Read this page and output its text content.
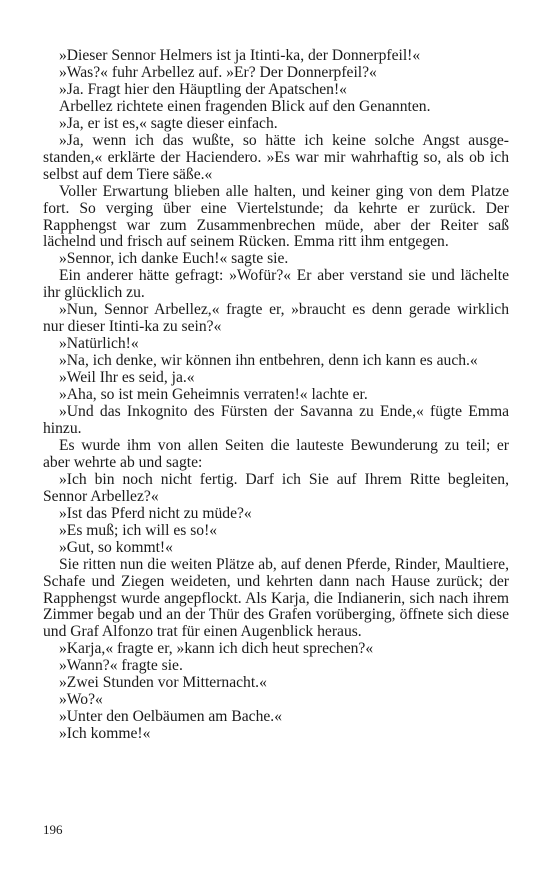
»Dieser Sennor Helmers ist ja Itinti-ka, der Donnerpfeil!«

»Was?« fuhr Arbellez auf. »Er? Der Donnerpfeil?«

»Ja. Fragt hier den Häuptling der Apatschen!«

Arbellez richtete einen fragenden Blick auf den Genannten.

»Ja, er ist es,« sagte dieser einfach.

»Ja, wenn ich das wußte, so hätte ich keine solche Angst ausgestanden,« erklärte der Haciendero. »Es war mir wahrhaftig so, als ob ich selbst auf dem Tiere säße.«

Voller Erwartung blieben alle halten, und keiner ging von dem Platze fort. So verging über eine Viertelstunde; da kehrte er zurück. Der Rapphengst war zum Zusammenbrechen müde, aber der Reiter saß lächelnd und frisch auf seinem Rücken. Emma ritt ihm entgegen.

»Sennor, ich danke Euch!« sagte sie.

Ein anderer hätte gefragt: »Wofür?« Er aber verstand sie und lächelte ihr glücklich zu.

»Nun, Sennor Arbellez,« fragte er, »braucht es denn gerade wirklich nur dieser Itinti-ka zu sein?«

»Natürlich!«

»Na, ich denke, wir können ihn entbehren, denn ich kann es auch.«

»Weil Ihr es seid, ja.«

»Aha, so ist mein Geheimnis verraten!« lachte er.

»Und das Inkognito des Fürsten der Savanna zu Ende,« fügte Emma hinzu.

Es wurde ihm von allen Seiten die lauteste Bewunderung zu teil; er aber wehrte ab und sagte:

»Ich bin noch nicht fertig. Darf ich Sie auf Ihrem Ritte begleiten, Sennor Arbellez?«

»Ist das Pferd nicht zu müde?«

»Es muß; ich will es so!«

»Gut, so kommt!«

Sie ritten nun die weiten Plätze ab, auf denen Pferde, Rinder, Maultiere, Schafe und Ziegen weideten, und kehrten dann nach Hause zurück; der Rapphengst wurde angepflockt. Als Karja, die Indianerin, sich nach ihrem Zimmer begab und an der Thür des Grafen vorüberging, öffnete sich diese und Graf Alfonzo trat für einen Augenblick heraus.

»Karja,« fragte er, »kann ich dich heut sprechen?«

»Wann?« fragte sie.

»Zwei Stunden vor Mitternacht.«

»Wo?«

»Unter den Oelbäumen am Bache.«

»Ich komme!«

196
